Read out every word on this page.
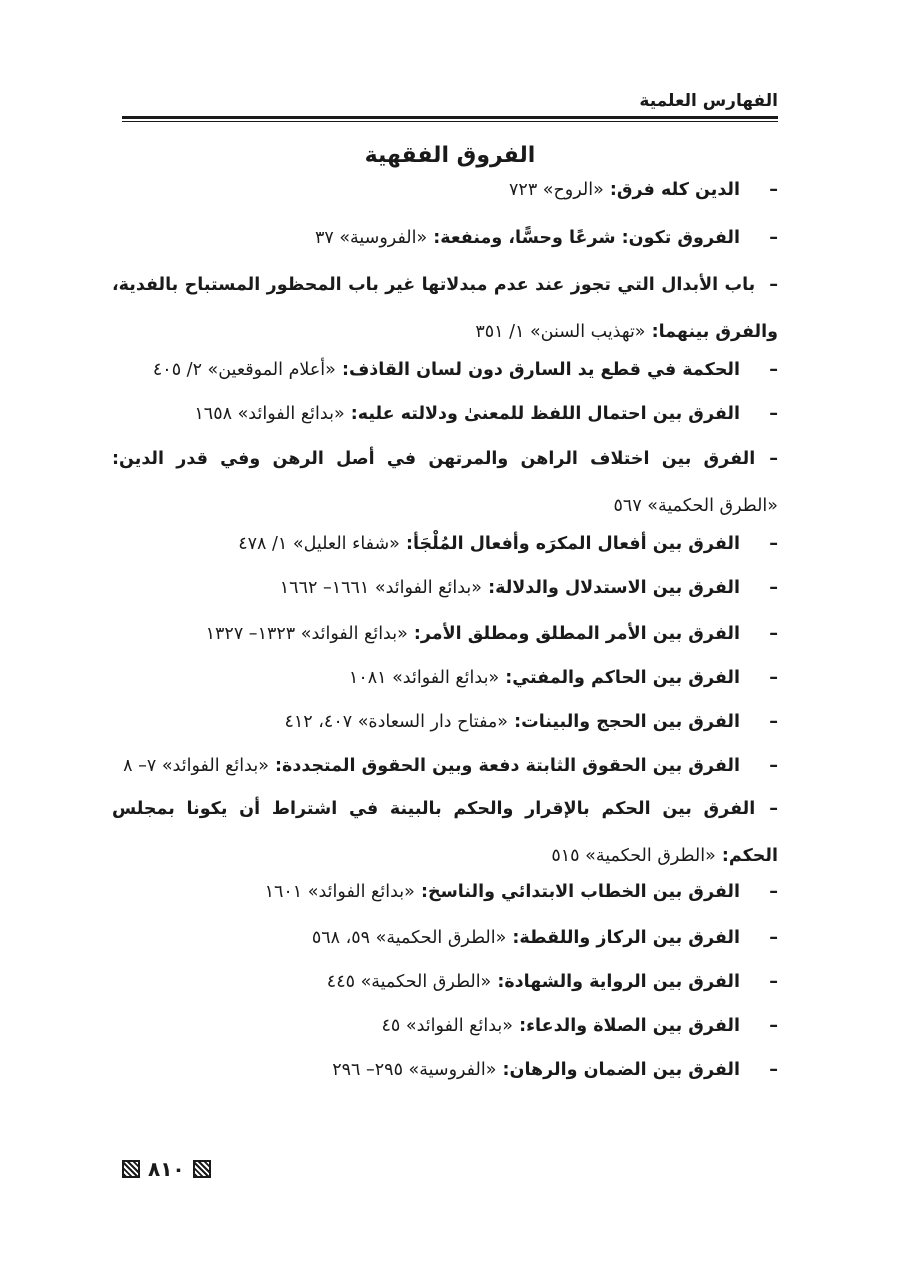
الفهارس العلمية
الفروق الفقهية
–الدين كله فرق: «الروح» ٧٢٣
–الفروق تكون: شرعًا وحسًّا، ومنفعة: «الفروسية» ٣٧
–باب الأبدال التي تجوز عند عدم مبدلاتها غير باب المحظور المستباح بالفدية، والفرق بينهما: «تهذيب السنن» ١/ ٣٥١
–الحكمة في قطع يد السارق دون لسان القاذف: «أعلام الموقعين» ٢/ ٤٠٥
–الفرق بين احتمال اللفظ للمعنىٰ ودلالته عليه: «بدائع الفوائد» ١٦٥٨
–الفرق بين اختلاف الراهن والمرتهن في أصل الرهن وفي قدر الدين: «الطرق الحكمية» ٥٦٧
–الفرق بين أفعال المكرَه وأفعال المُلْجَأ: «شفاء العليل» ١/ ٤٧٨
–الفرق بين الاستدلال والدلالة: «بدائع الفوائد» ١٦٦١– ١٦٦٢
–الفرق بين الأمر المطلق ومطلق الأمر: «بدائع الفوائد» ١٣٢٣– ١٣٢٧
–الفرق بين الحاكم والمفتي: «بدائع الفوائد» ١٠٨١
–الفرق بين الحجج والبينات: «مفتاح دار السعادة» ٤٠٧، ٤١٢
–الفرق بين الحقوق الثابتة دفعة وبين الحقوق المتجددة: «بدائع الفوائد» ٧– ٨
–الفرق بين الحكم بالإقرار والحكم بالبينة في اشتراط أن يكونا بمجلس الحكم: «الطرق الحكمية» ٥١٥
–الفرق بين الخطاب الابتدائي والناسخ: «بدائع الفوائد» ١٦٠١
–الفرق بين الركاز واللقطة: «الطرق الحكمية» ٥٩، ٥٦٨
–الفرق بين الرواية والشهادة: «الطرق الحكمية» ٤٤٥
–الفرق بين الصلاة والدعاء: «بدائع الفوائد» ٤٥
–الفرق بين الضمان والرهان: «الفروسية» ٢٩٥– ٢٩٦
٨١٠
